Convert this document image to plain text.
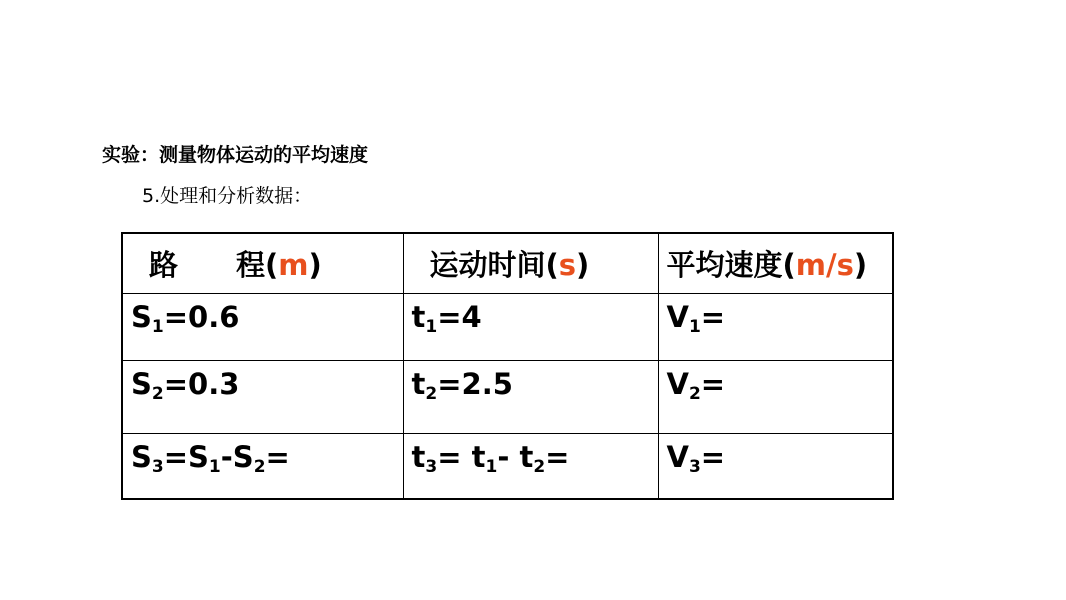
实验：测量物体运动的平均速度
5.处理和分析数据：
路　　程(m)	运动时间(s)	平均速度(m/s)
$S_1=0.6$	$t_1=4$	$V_1=$
$S_2=0.3$	$t_2=2.5$	$V_2=$
$S_3=S_1-S_2=$	$t_3= t_1-$ $t_2=$	$V_3=$
